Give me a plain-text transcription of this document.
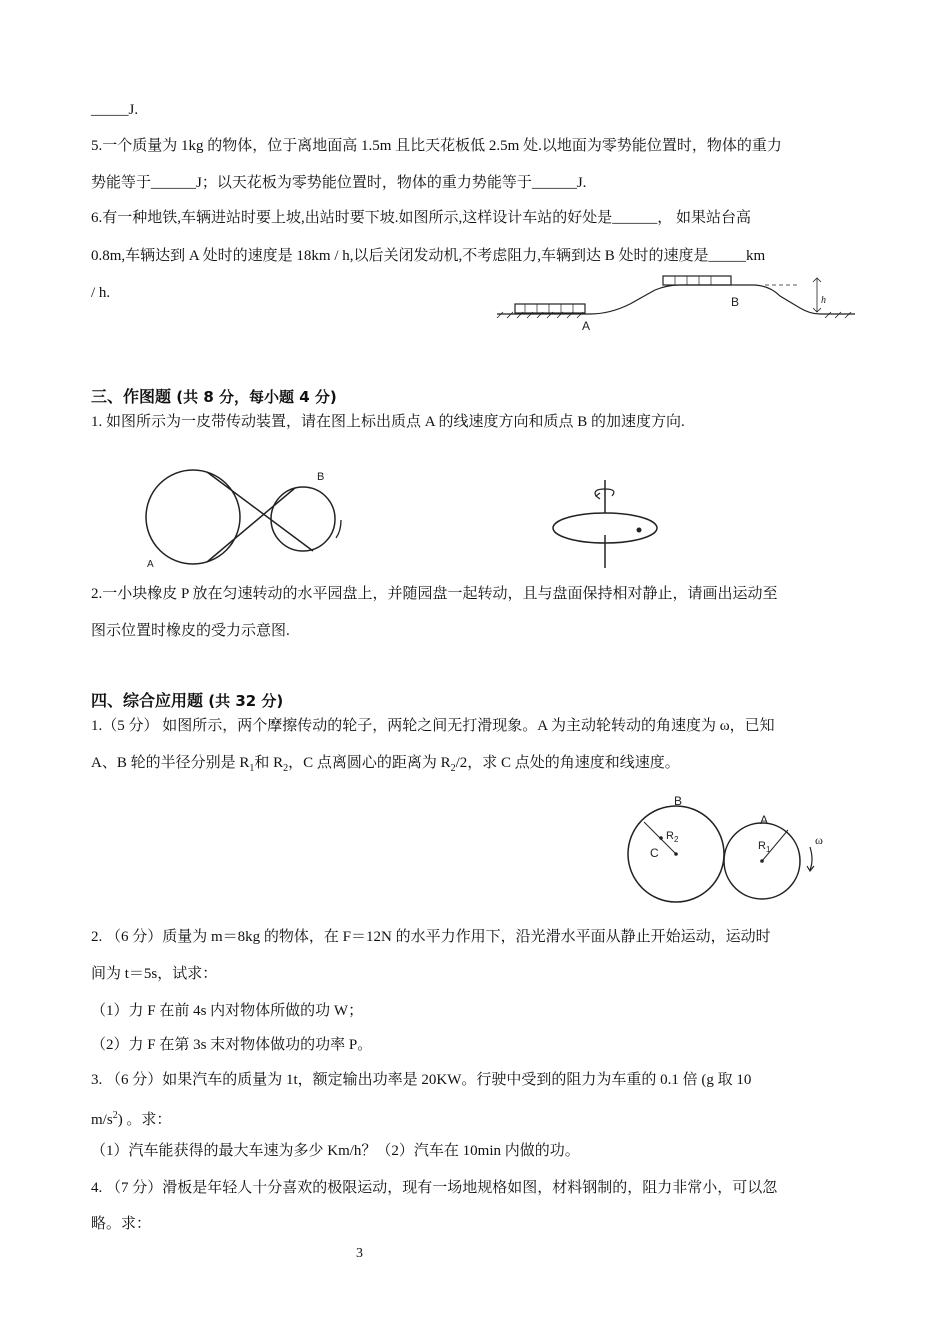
_____J.
5.一个质量为 1kg 的物体，位于离地面高 1.5m 且比天花板低 2.5m 处.以地面为零势能位置时，物体的重力
势能等于______J；以天花板为零势能位置时，物体的重力势能等于______J.
6.有一种地铁,车辆进站时要上坡,出站时要下坡.如图所示,这样设计车站的好处是______， 如果站台高
0.8m,车辆达到 A 处时的速度是 18km / h,以后关闭发动机,不考虑阻力,车辆到达 B 处时的速度是_____km
/ h.
A
B	h
三、作图题 (共 8 分，每小题 4 分)
1. 如图所示为一皮带传动装置，请在图上标出质点 A 的线速度方向和质点 B 的加速度方向.
B
A
2.一小块橡皮 P 放在匀速转动的水平园盘上，并随园盘一起转动，且与盘面保持相对静止，请画出运动至
图示位置时橡皮的受力示意图.
四、综合应用题 (共 32 分)
1.（5 分） 如图所示，两个摩擦传动的轮子，两轮之间无打滑现象。A 为主动轮转动的角速度为 ω，已知
A、B 轮的半径分别是 $R_1$和 $R_2$，C 点离圆心的距离为 $R_2/2$，求 C 点处的角速度和线速度。
B
A
C
$R_2$
$R_1$
ω
2. （6 分）质量为 m＝8kg 的物体，在 F＝12N 的水平力作用下，沿光滑水平面从静止开始运动，运动时
间为 t＝5s，试求：
（1）力 F 在前 4s 内对物体所做的功 W；
（2）力 F 在第 3s 末对物体做功的功率 P。
3. （6 分）如果汽车的质量为 1t，额定输出功率是 20KW。行驶中受到的阻力为车重的 0.1 倍 (g 取 10
$m/s^2$) 。求：
（1）汽车能获得的最大车速为多少 Km/h？（2）汽车在 10min 内做的功。
4. （7 分）滑板是年轻人十分喜欢的极限运动，现有一场地规格如图，材料钢制的，阻力非常小，可以忽
略。求：
3
